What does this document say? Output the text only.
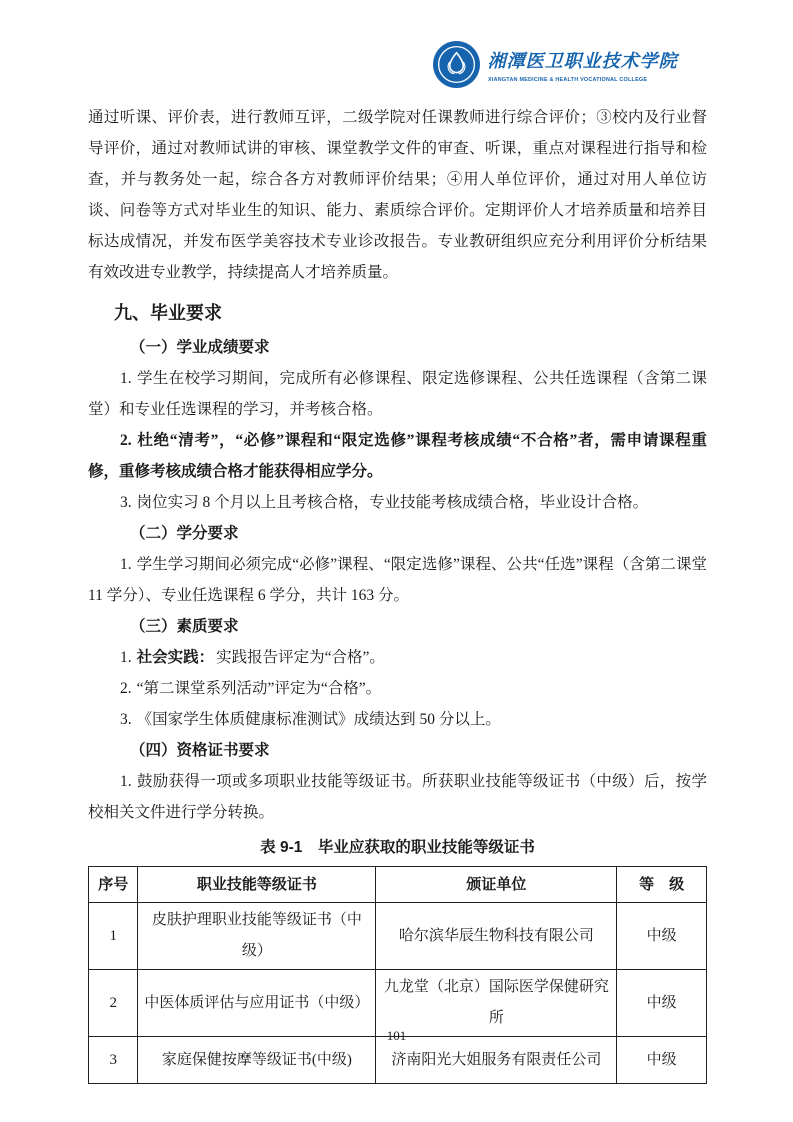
湘潭医卫职业技术学院
XIANGTAN MEDICINE & HEALTH VOCATIONAL COLLEGE

通过听课、评价表，进行教师互评，二级学院对任课教师进行综合评价；③校内及行业督导评价，通过对教师试讲的审核、课堂教学文件的审查、听课，重点对课程进行指导和检查，并与教务处一起，综合各方对教师评价结果；④用人单位评价，通过对用人单位访谈、问卷等方式对毕业生的知识、能力、素质综合评价。定期评价人才培养质量和培养目标达成情况，并发布医学美容技术专业诊改报告。专业教研组织应充分利用评价分析结果有效改进专业教学，持续提高人才培养质量。

九、毕业要求
（一）学业成绩要求

1. 学生在校学习期间，完成所有必修课程、限定选修课程、公共任选课程（含第二课堂）和专业任选课程的学习，并考核合格。

2. 杜绝“清考”，“必修”课程和“限定选修”课程考核成绩“不合格”者，需申请课程重修，重修考核成绩合格才能获得相应学分。

3. 岗位实习 8 个月以上且考核合格，专业技能考核成绩合格，毕业设计合格。

（二）学分要求

1. 学生学习期间必须完成“必修”课程、“限定选修”课程、公共“任选”课程（含第二课堂 11 学分）、专业任选课程 6 学分，共计 163 分。

（三）素质要求

1. 社会实践： 实践报告评定为“合格”。

2. “第二课堂系列活动”评定为“合格”。

3. 《国家学生体质健康标准测试》成绩达到 50 分以上。

（四）资格证书要求

1. 鼓励获得一项或多项职业技能等级证书。所获职业技能等级证书（中级）后，按学校相关文件进行学分转换。

表 9-1　毕业应获取的职业技能等级证书
序号	职业技能等级证书	颁证单位	等　级
1	皮肤护理职业技能等级证书（中级）	哈尔滨华辰生物科技有限公司	中级
2	中医体质评估与应用证书（中级）	九龙堂（北京）国际医学保健研究所	中级
3	家庭保健按摩等级证书(中级)	济南阳光大姐服务有限责任公司	中级
101
